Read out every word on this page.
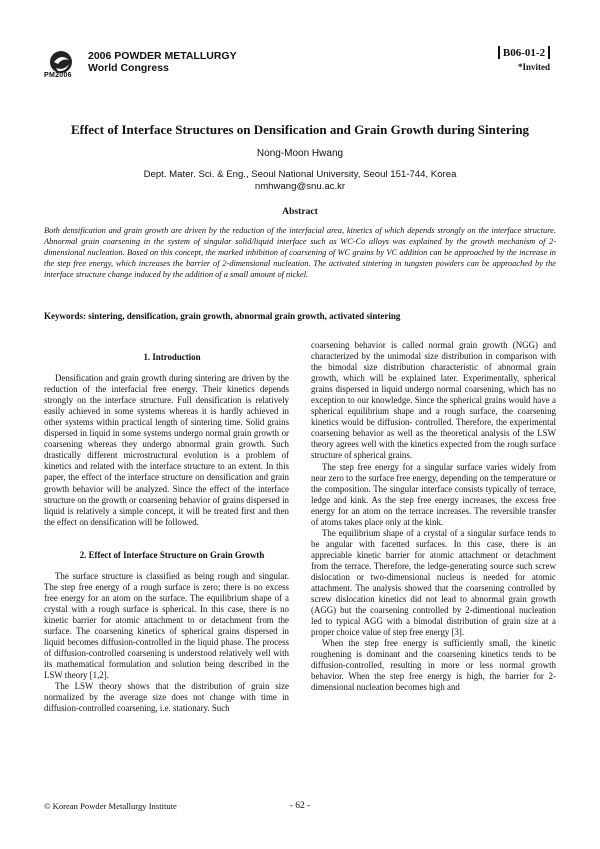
PM2006
2006 POWDER METALLURGY
World Congress
B06-01-2
*Invited
Effect of Interface Structures on Densification and Grain Growth during Sintering
Nong-Moon Hwang
Dept. Mater. Sci. & Eng., Seoul National University, Seoul 151-744, Korea
nmhwang@snu.ac.kr
Abstract
Both densification and grain growth are driven by the reduction of the interfacial area, kinetics of which depends strongly on the interface structure. Abnormal grain coarsening in the system of singular solid/liquid interface such as WC-Co alloys was explained by the growth mechanism of 2-dimensional nucleation. Based on this concept, the marked inhibition of coarsening of WC grains by VC addition can be approached by the increase in the step free energy, which increases the barrier of 2-dimensional nucleation. The activated sintering in tungsten powders can be approached by the interface structure change induced by the addition of a small amount of nickel.
Keywords: sintering, densification, grain growth, abnormal grain growth, activated sintering

1. Introduction

Densification and grain growth during sintering are driven by the reduction of the interfacial free energy. Their kinetics depends strongly on the interface structure. Full densification is relatively easily achieved in some systems whereas it is hardly achieved in other systems within practical length of sintering time. Solid grains dispersed in liquid in some systems undergo normal grain growth or coarsening whereas they undergo abnormal grain growth. Such drastically different microstructural evolution is a problem of kinetics and related with the interface structure to an extent. In this paper, the effect of the interface structure on densification and grain growth behavior will be analyzed. Since the effect of the interface structure on the growth or coarsening behavior of grains dispersed in liquid is relatively a simple concept, it will be treated first and then the effect on densification will be followed.

2. Effect of Interface Structure on Grain Growth

The surface structure is classified as being rough and singular. The step free energy of a rough surface is zero; there is no excess free energy for an atom on the surface. The equilibrium shape of a crystal with a rough surface is spherical. In this case, there is no kinetic barrier for atomic attachment to or detachment from the surface. The coarsening kinetics of spherical grains dispersed in liquid becomes diffusion-controlled in the liquid phase. The process of diffusion-controlled coarsening is understood relatively well with its mathematical formulation and solution being described in the LSW theory [1,2].

The LSW theory shows that the distribution of grain size normalized by the average size does not change with time in diffusion-controlled coarsening, i.e. stationary. Such

coarsening behavior is called normal grain growth (NGG) and characterized by the unimodal size distribution in comparison with the bimodal size distribution characteristic of abnormal grain growth, which will be explained later. Experimentally, spherical grains dispersed in liquid undergo normal coarsening, which has no exception to our knowledge. Since the spherical grains would have a spherical equilibrium shape and a rough surface, the coarsening kinetics would be diffusion- controlled. Therefore, the experimental coarsening behavior as well as the theoretical analysis of the LSW theory agrees well with the kinetics expected from the rough surface structure of spherical grains.

The step free energy for a singular surface varies widely from near zero to the surface free energy, depending on the temperature or the composition. The singular interface consists typically of terrace, ledge and kink. As the step free energy increases, the excess free energy for an atom on the terrace increases. The reversible transfer of atoms takes place only at the kink.

The equilibrium shape of a crystal of a singular surface tends to be angular with facetted surfaces. In this case, there is an appreciable kinetic barrier for atomic attachment or detachment from the terrace. Therefore, the ledge-generating source such screw dislocation or two-dimensional nucleus is needed for atomic attachment. The analysis showed that the coarsening controlled by screw dislocation kinetics did not lead to abnormal grain growth (AGG) but the coarsening controlled by 2-dimentional nucleation led to typical AGG with a bimodal distribution of grain size at a proper choice value of step free energy [3].

When the step free energy is sufficiently small, the kinetic roughening is dominant and the coarsening kinetics tends to be diffusion-controlled, resulting in more or less normal growth behavior. When the step free energy is high, the barrier for 2-dimensional nucleation becomes high and

© Korean Powder Metallurgy Institute	- 62 -
